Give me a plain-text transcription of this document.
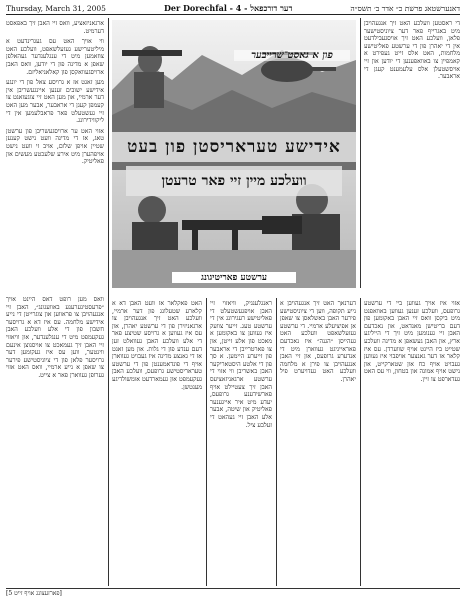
Thursday, March 31, 2005	Der Dorechfal - 4 - דער דורכפאל	דאנערשטאג פרשת כ״ אדר ב׳ תשס״ה

ארגאניזאציע, וואס זיי האבן זיך באפאסט דערמיט.

ווי אויך האט עס געגרינדעט א מיליטערישע געזעלשאפט, וועלכע האט צוזאמען מיט די ענגלענדער געהאלפן שאפן א מדינה פון די יודען, וואס האבן ארויסגעוואקסן פון קאלאניאליזם.

מען זאגט אז א גרויסע צאל פון די יונגע אידישע ישובים זענען איינגעשריבן אין דער ארמיי, און מען האט זיי צוגעזאגט צו קעמפן קעגן די אראבער, אבער מען האט זיי געשטעלט פאר פראבלעמען אין די ליקווידירונג.

אזוי האט ער ארויסגעשריבן פון ערשטן טאג, אז די מדינה וועט נישט קענען שטיין אויפן שלום, אויב זי וועט נישט אויפהערן מיט אירע שלעכטע מעשים און פאליטיק.

וואס מען רופט דאס היינט אויך ״פרעסטינערענע באוועגונג״, האבן זיי אנגעהויבן צו פראווען און צוגרייטן די נייע אידישע מלחמה. עס איז דא א גרויסער חשבון פון די אלע וועלכע האבן געקעמפט מיט די ענגלענדער, און וויאזוי זיי האבן זיך געמאכט צו אויסנוצן אינעם ווינטער, ווען עס איז געקומען דער גרויסער פלאן פון די ציוניסטישע פירער צו שאפן א נייע ארמיי, וואס האט אזוי גערופן געווארן פאר א צייט.

פון א גאסט־שרייבער
אידישע טעראריסטן פון בעט
וועלכע מיין זיי פאר טרעטן
ערשטע פאריטיגונג

די ראסטען וועלכע האט זיך אנגעהויבן מיט באגרייף פאר דער ציוניסטישער פלאן, וועלכע האט זיך אויסגעבילדעט אין די יאהרן פון די ערשטע פאליטישע מלחמות, האט אלס זייט געפירט א קאמפיין צו באוואפענען די יודען און זיי אויסשטעלן אלס עלעמענט קעגן די אראבער.

האט פאקלאר אז וועט האבן דא א קלארע שטעלונג פון דער ארמיי, וועלכע האט זיך אנגעהויבן צו ארגאניזירן פון די ערשטע יאהרן, און עס איז געווען א גרויסע שטיצע פאר די אלע וועלכע האבן געוואלט זען דעם ענדע פון די גלות. און מען זאגט אז די גאנצע מדינה איז געבויט געווארן אויף די פונדאמענטן פון די ערשטע טעראריסטישע גרופעס, וועלכע האבן געקעמפט און געמארדעט אומשולדיגע מענטשן.

ראנגלענגיק, וויאזוי זיי האבן אויפגעשטעלט די פאליטישע רעגירונג אין די ערשטע טעג. זייער צוועק איז געווען צו באקומען א מאכט פון אלע זייטן, און צו פארטרייבן די אראבער פון זייערע היימען. א סך פון די אלטע היסטאריקער האבן באשריבן ווי אזוי די ערשטע ארגאניזאציעס האבן זיך צעטיילט אויף פארשידענע גרופעס, יעדע מיט איר אייגענער פאליטיק און שיטה, אבער אלע האבן זיי געהאט די זעלבע ציל.

דערנאך האט זיך אנגעהויבן א נייע תקופה, ווען די ציוניסטישע פירער האבן באשלאסן צו שאפן אן אפיציעלע ארמיי. די ערשטע געזעלשאפט וועלכע האט געהייסן ״הגנה״ איז נאכדעם פאראייניגט געווארן מיט די אנדערע גרופעס, און זיי האבן אנגעהויבן צו פירן א מלחמה וועלכע האט געדויערט פיל יאהרן.

אזוי איז אויך געווען ביי די ערשטע גרופעס, וועלכע זענען געווען באוואפנט מיט ביקסן וואס זיי האבן באקומען פון דעם בריטישן מאנדאט, און נאכדעם האבן זיי גענומען מיט זיך די הייליגע ארץ, און האבן געשאפן א מדינה וועלכע שטייט ביז היינט אויף שווערדן. עס איז קלאר אז דער גאנצער אויפבוי איז געווען געבויט אויף כח און שטארקייט, און נישט אויף אמונה און בטחון, ווי עס האט געדארפט צו זיין.

[פארזעצונג אויף זייט 5]
